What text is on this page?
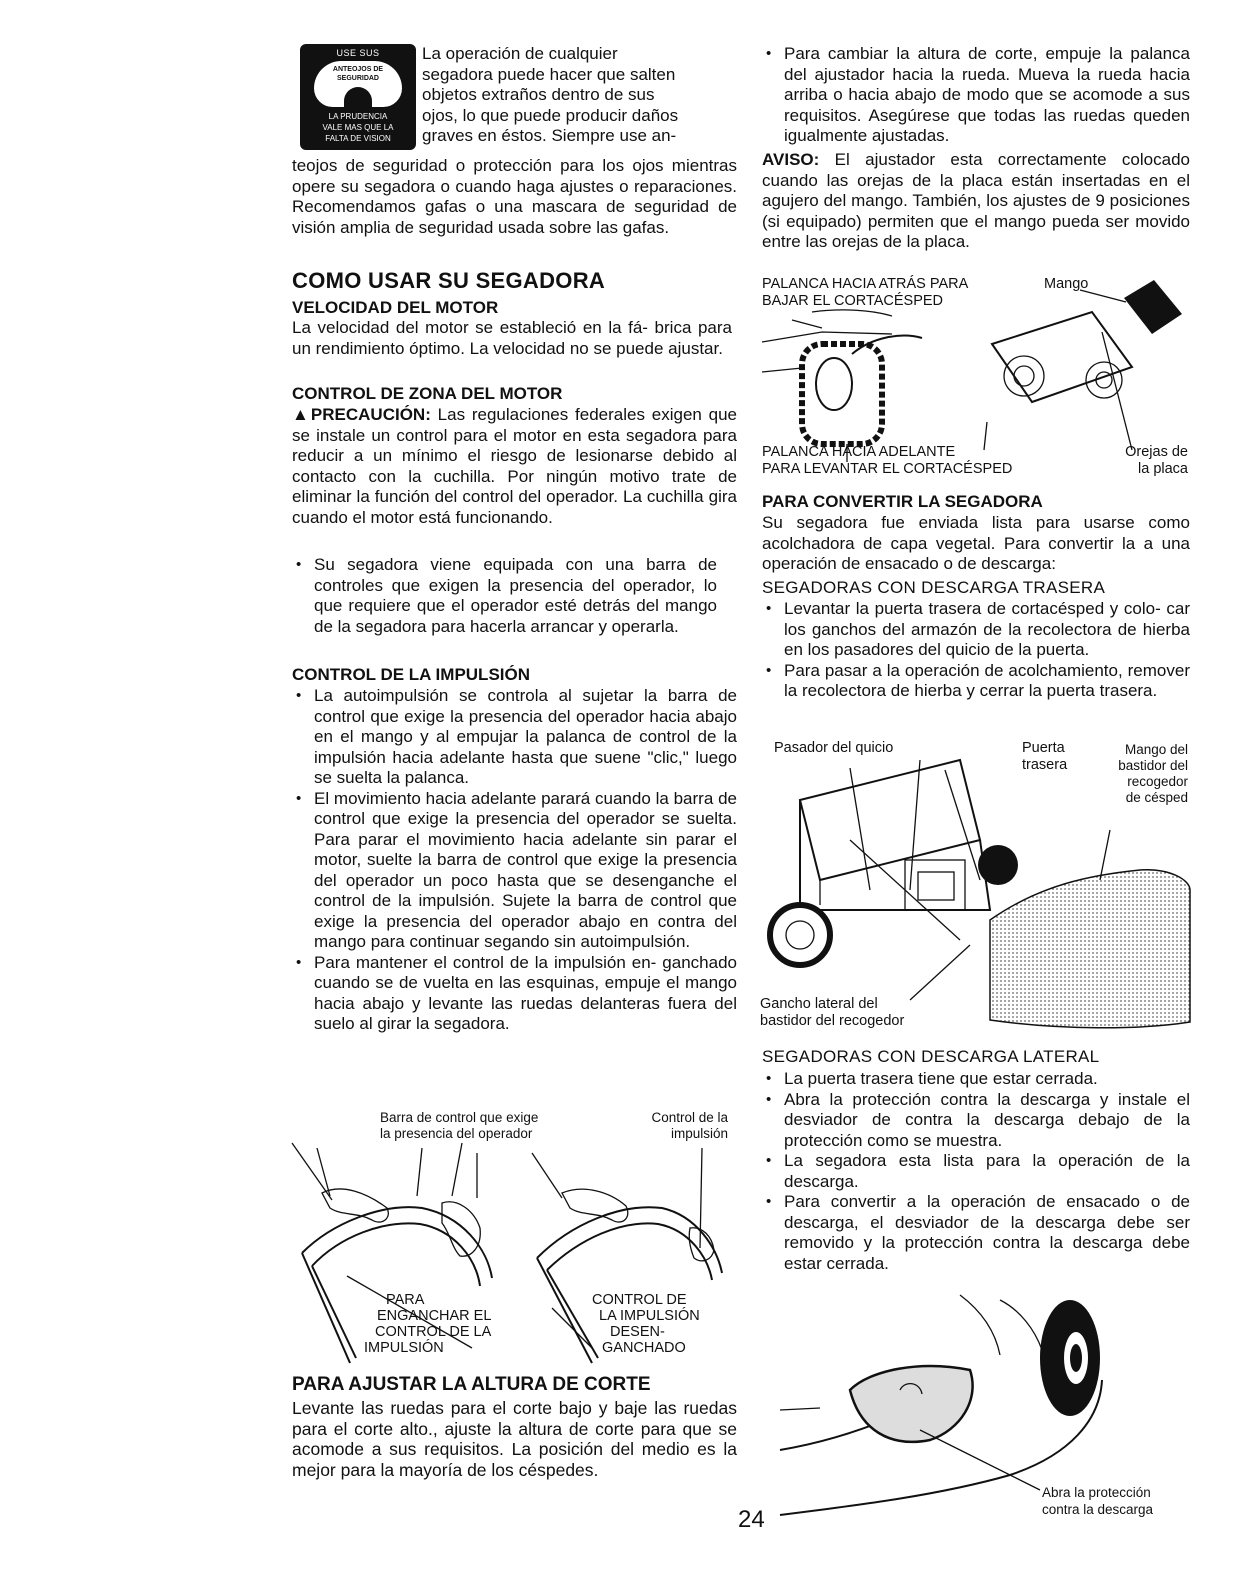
USE SUS
ANTEOJOS DE
SEGURIDAD
LA PRUDENCIA
VALE MAS QUE LA
FALTA DE VISION

La operación de cualquier

segadora puede hacer que salten

objetos extraños dentro de sus

ojos, lo que puede producir daños

graves en éstos. Siempre use an-

teojos de seguridad o protección para los ojos mientras opere su segadora o cuando haga ajustes o reparaciones. Recomendamos gafas o una mascara de seguridad de visión amplia de seguridad usada sobre las gafas.

COMO USAR SU SEGADORA
VELOCIDAD DEL MOTOR

La velocidad del motor se estableció en la fá- brica para un rendimiento óptimo. La velocidad no se puede ajustar.

CONTROL DE ZONA DEL MOTOR

▲PRECAUCIÓN: Las regulaciones federales exigen que se instale un control para el motor en esta segadora para reducir a un mínimo el riesgo de lesionarse debido al contacto con la cuchilla. Por ningún motivo trate de eliminar la función del control del operador. La cuchilla gira cuando el motor está funcionando.

• Su segadora viene equipada con una barra de controles que exigen la presencia del operador, lo que requiere que el operador esté detrás del mango de la segadora para hacerla arrancar y operarla.
CONTROL DE LA IMPULSIÓN
• La autoimpulsión se controla al sujetar la barra de control que exige la presencia del operador hacia abajo en el mango y al empujar la palanca de control de la impulsión hacia adelante hasta que suene "clic," luego se suelta la palanca.
• El movimiento hacia adelante parará cuando la barra de control que exige la presencia del operador se suelta. Para parar el movimiento hacia adelante sin parar el motor, suelte la barra de control que exige la presencia del operador un poco hasta que se desenganche el control de la impulsión. Sujete la barra de control que exige la presencia del operador abajo en contra del mango para continuar segando sin autoimpulsión.
• Para mantener el control de la impulsión en- ganchado cuando se de vuelta en las esquinas, empuje el mango hacia abajo y levante las ruedas delanteras fuera del suelo al girar la segadora.

Barra de control que exige

la presencia del operador

Control de la

impulsión

PARA

ENGANCHAR EL

CONTROL DE LA

IMPULSIÓN

CONTROL DE

LA IMPULSIÓN

DESEN-

GANCHADO

PARA AJUSTAR LA ALTURA DE CORTE

Levante las ruedas para el corte bajo y baje las ruedas para el corte alto., ajuste la altura de corte para que se acomode a sus requisitos. La posición del medio es la mejor para la mayoría de los céspedes.

24
• Para cambiar la altura de corte, empuje la palanca del ajustador hacia la rueda. Mueva la rueda hacia arriba o hacia abajo de modo que se acomode a sus requisitos. Asegúrese que todas las ruedas queden igualmente ajustadas.

AVISO: El ajustador esta correctamente colocado cuando las orejas de la placa están insertadas en el agujero del mango. También, los ajustes de 9 posiciones (si equipado) permiten que el mango pueda ser movido entre las orejas de la placa.

PALANCA HACIA ATRÁS PARA

BAJAR EL CORTACÉSPED

Mango

PALANCA HACIA ADELANTE

PARA LEVANTAR EL CORTACÉSPED

Orejas de

la placa

PARA CONVERTIR LA SEGADORA

Su segadora fue enviada lista para usarse como acolchadora de capa vegetal. Para convertir la a una operación de ensacado o de descarga:

SEGADORAS CON DESCARGA TRASERA

• Levantar la puerta trasera de cortacésped y colo- car los ganchos del armazón de la recolectora de hierba en los pasadores del quicio de la puerta.
• Para pasar a la operación de acolchamiento, remover la recolectora de hierba y cerrar la puerta trasera.

Pasador del quicio	Puerta

trasera

Mango del

bastidor del

recogedor

de césped

Gancho lateral del

bastidor del recogedor

SEGADORAS CON DESCARGA LATERAL

• La puerta trasera tiene que estar cerrada.
• Abra la protección contra la descarga y instale el desviador de contra la descarga debajo de la protección como se muestra.
• La segadora esta lista para la operación de la descarga.
• Para convertir a la operación de ensacado o de descarga, el desviador de la descarga debe ser removido y la protección contra la descarga debe estar cerrada.

Abra la protección

contra la descarga
